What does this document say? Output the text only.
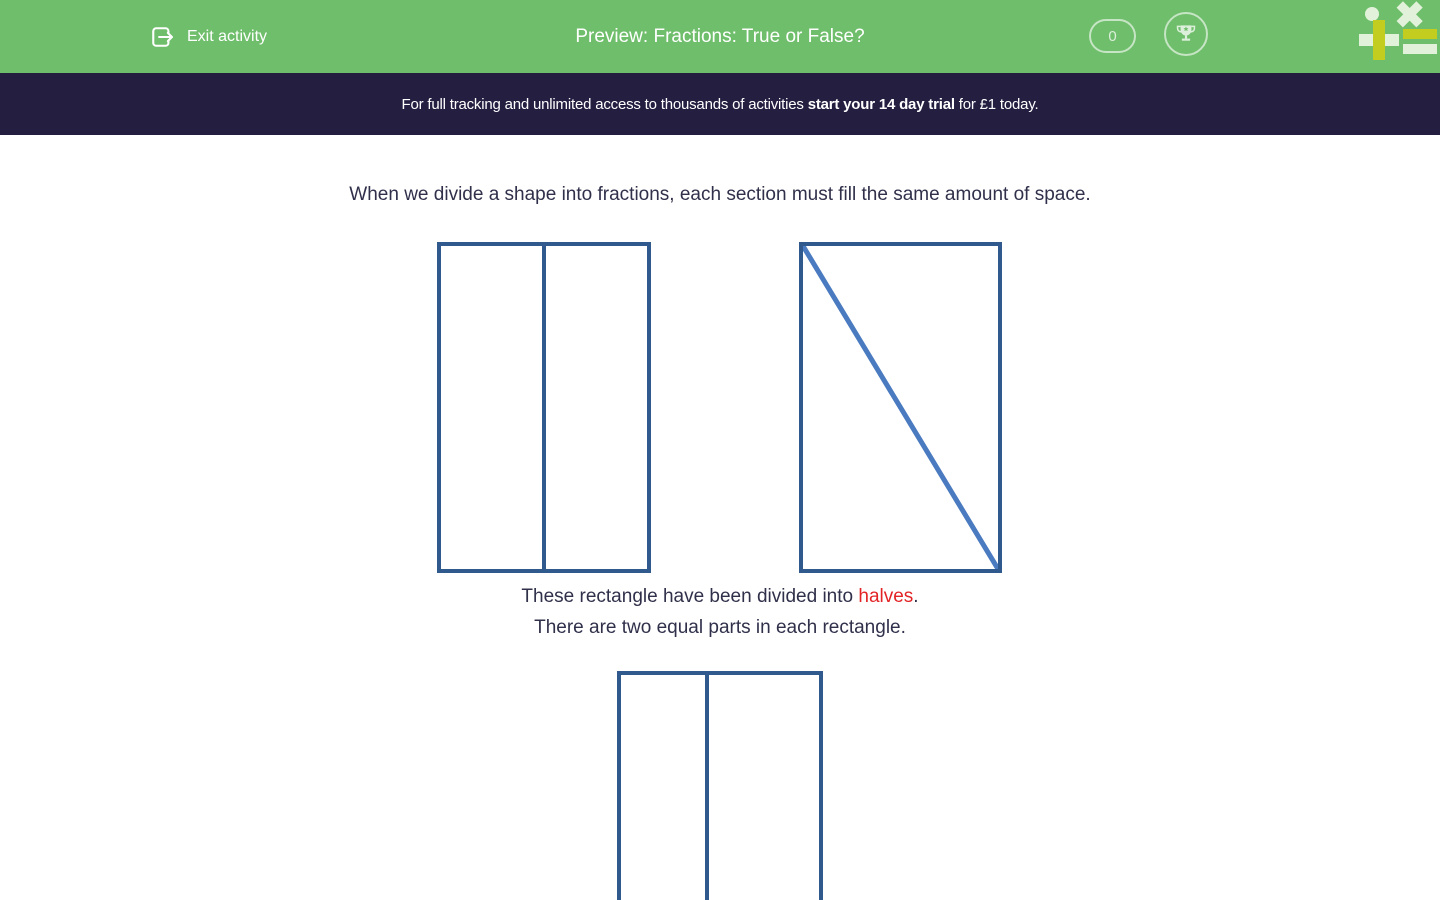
Exit activity	Preview: Fractions: True or False?	0
For full tracking and unlimited access to thousands of activities start your 14 day trial for £1 today.
When we divide a shape into fractions, each section must fill the same amount of space.
These rectangle have been divided into halves.
There are two equal parts in each rectangle.
